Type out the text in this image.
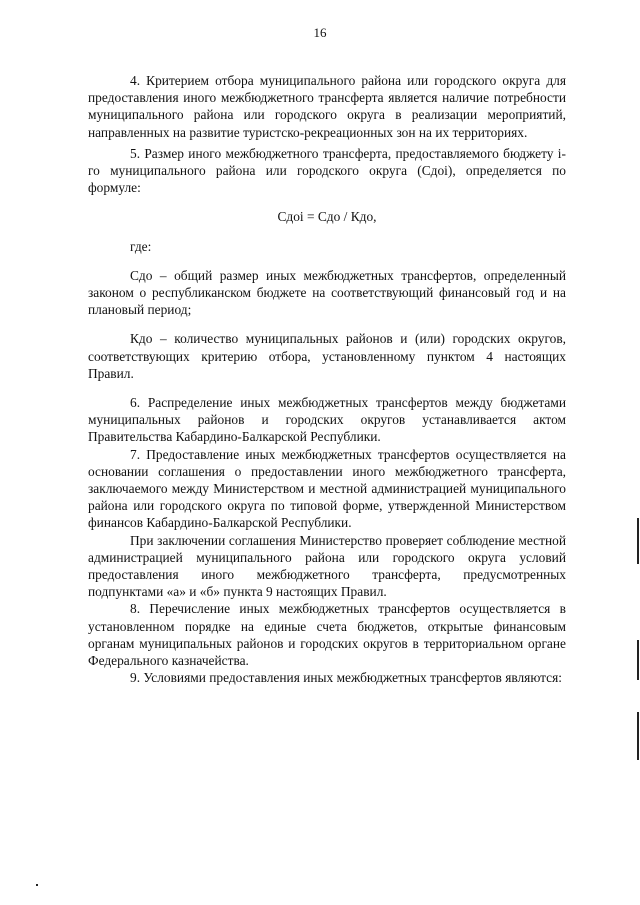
16

4. Критерием отбора муниципального района или городского округа для предоставления иного межбюджетного трансферта является наличие потребности муниципального района или городского округа в реализации мероприятий, направленных на развитие туристско-рекреационных зон на их территориях.

5. Размер иного межбюджетного трансферта, предоставляемого бюджету i-го муниципального района или городского округа (Сдоi), определяется по формуле:

Сдоi = Сдо / Кдо,

где:

Сдо – общий размер иных межбюджетных трансфертов, определенный законом о республиканском бюджете на соответствующий финансовый год и на плановый период;

Кдо – количество муниципальных районов и (или) городских округов, соответствующих критерию отбора, установленному пунктом 4 настоящих Правил.

6. Распределение иных межбюджетных трансфертов между бюджетами муниципальных районов и городских округов устанавливается актом Правительства Кабардино-Балкарской Республики.

7. Предоставление иных межбюджетных трансфертов осуществляется на основании соглашения о предоставлении иного межбюджетного трансферта, заключаемого между Министерством и местной администрацией муниципального района или городского округа по типовой форме, утвержденной Министерством финансов Кабардино-Балкарской Республики.

При заключении соглашения Министерство проверяет соблюдение местной администрацией муниципального района или городского округа условий предоставления иного межбюджетного трансферта, предусмотренных подпунктами «а» и «б» пункта 9 настоящих Правил.

8. Перечисление иных межбюджетных трансфертов осуществляется в установленном порядке на единые счета бюджетов, открытые финансовым органам муниципальных районов и городских округов в территориальном органе Федерального казначейства.

9. Условиями предоставления иных межбюджетных трансфертов являются:
